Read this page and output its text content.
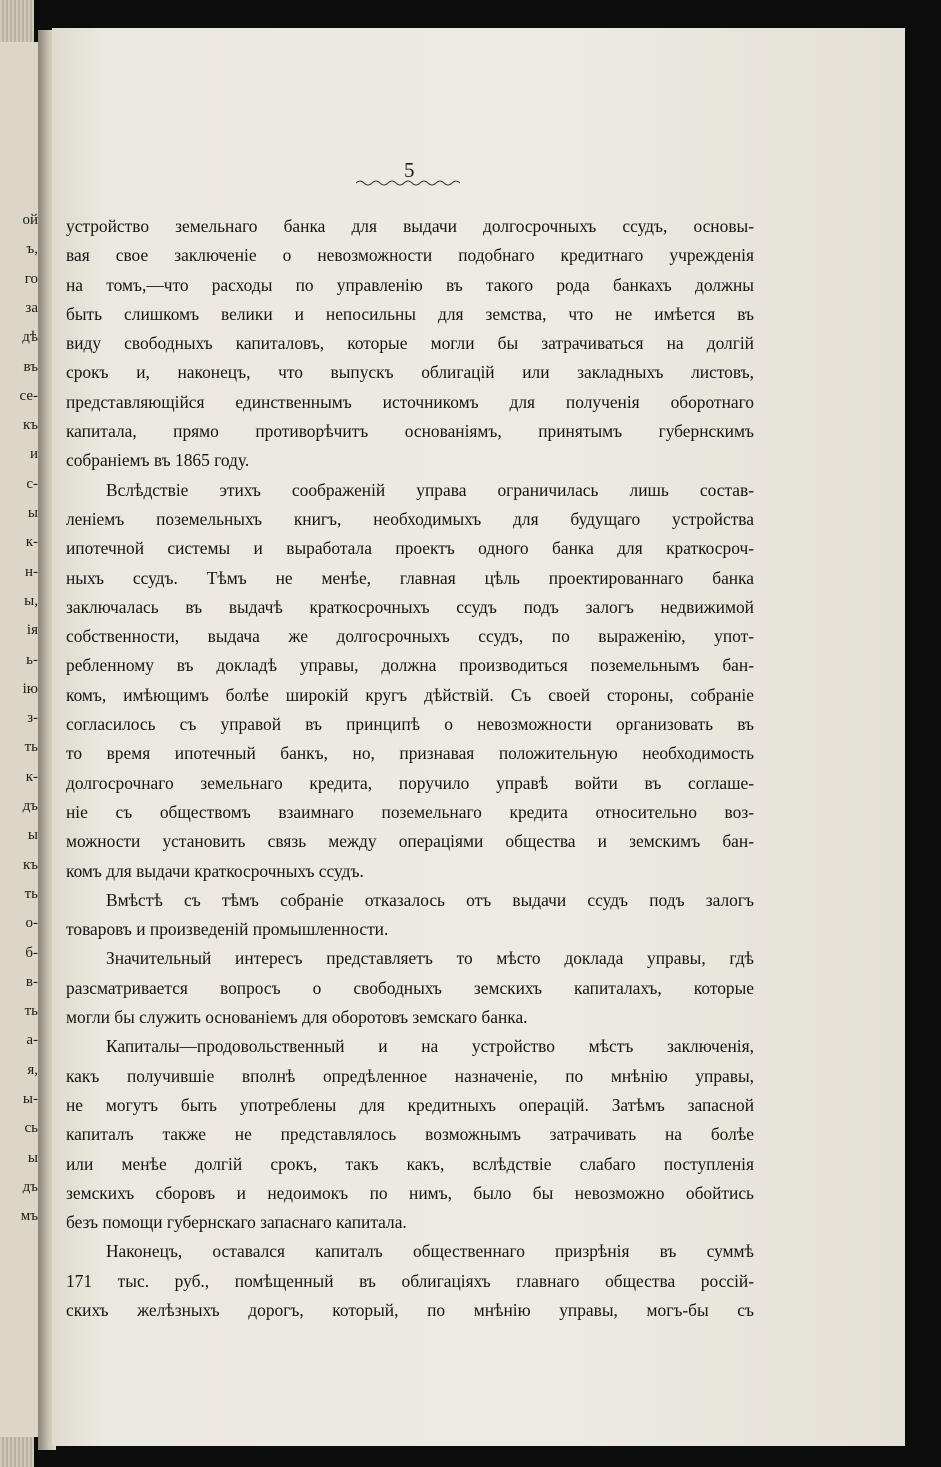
ой
ъ,
го
за
дѣ
въ
се-
къ
и
с-
ы
к-
н-
ы,
ія
ь-
ію
з-
ть
к-
дъ
ы
къ
ть
о-
б-
в-
ть
а-
я,
ы-
сь
ы
дъ
мъ
5
устройство земельнаго банка для выдачи долгосрочныхъ ссудъ, основы-
вая свое заключеніе о невозможности подобнаго кредитнаго учрежденія
на томъ,—что расходы по управленію въ такого рода банкахъ должны
быть слишкомъ велики и непосильны для земства, что не имѣется въ
виду свободныхъ капиталовъ, которые могли бы затрачиваться на долгій
срокъ и, наконецъ, что выпускъ облигацій или закладныхъ листовъ,
представляющійся единственнымъ источникомъ для полученія оборотнаго
капитала, прямо противорѣчитъ основаніямъ, принятымъ губернскимъ
собраніемъ въ 1865 году.
Вслѣдствіе этихъ соображеній управа ограничилась лишь состав-
леніемъ поземельныхъ книгъ, необходимыхъ для будущаго устройства
ипотечной системы и выработала проектъ одного банка для краткосроч-
ныхъ ссудъ. Тѣмъ не менѣе, главная цѣль проектированнаго банка
заключалась въ выдачѣ краткосрочныхъ ссудъ подъ залогъ недвижимой
собственности, выдача же долгосрочныхъ ссудъ, по выраженію, упот-
ребленному въ докладѣ управы, должна производиться поземельнымъ бан-
комъ, имѣющимъ болѣе широкій кругъ дѣйствій. Съ своей стороны, собраніе
согласилось съ управой въ принципѣ о невозможности организовать въ
то время ипотечный банкъ, но, признавая положительную необходимость
долгосрочнаго земельнаго кредита, поручило управѣ войти въ соглаше-
ніе съ обществомъ взаимнаго поземельнаго кредита относительно воз-
можности установить связь между операціями общества и земскимъ бан-
комъ для выдачи краткосрочныхъ ссудъ.
Вмѣстѣ съ тѣмъ собраніе отказалось отъ выдачи ссудъ подъ залогъ
товаровъ и произведеній промышленности.
Значительный интересъ представляетъ то мѣсто доклада управы, гдѣ
разсматривается вопросъ о свободныхъ земскихъ капиталахъ, которые
могли бы служить основаніемъ для оборотовъ земскаго банка.
Капиталы—продовольственный и на устройство мѣстъ заключенія,
какъ получившіе вполнѣ опредѣленное назначеніе, по мнѣнію управы,
не могутъ быть употреблены для кредитныхъ операцій. Затѣмъ запасной
капиталъ также не представлялось возможнымъ затрачивать на болѣе
или менѣе долгій срокъ, такъ какъ, вслѣдствіе слабаго поступленія
земскихъ сборовъ и недоимокъ по нимъ, было бы невозможно обойтись
безъ помощи губернскаго запаснаго капитала.
Наконецъ, оставался капиталъ общественнаго призрѣнія въ суммѣ
171 тыс. руб., помѣщенный въ облигаціяхъ главнаго общества россій-
скихъ желѣзныхъ дорогъ, который, по мнѣнію управы, могъ-бы съ
